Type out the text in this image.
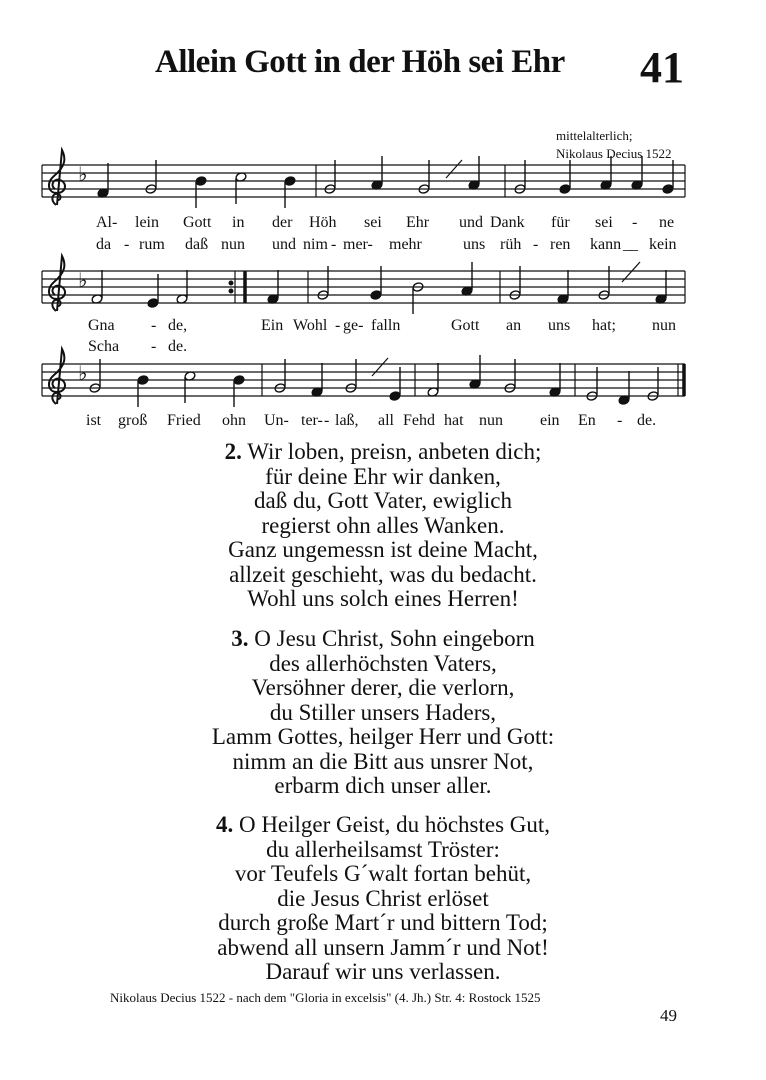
Allein Gott in der Höh sei Ehr 41
mittelalterlich;
Nikolaus Decius 1522
♭
♭
♭
Al- lein Gott in der Höh sei Ehr und Dank für sei - ne
da - rum daß nun und nim - mer- mehr	uns rüh - ren kann __ kein
Gna - de,	Ein Wohl - ge- falln	Gott an uns hat; nun
Scha - de.
ist groß Fried ohn Un- ter- - laß, all Fehd hat nun ein En - de.
2. Wir loben, preisn, anbeten dich;
für deine Ehr wir danken,
daß du, Gott Vater, ewiglich
regierst ohn alles Wanken.
Ganz ungemessn ist deine Macht,
allzeit geschieht, was du bedacht.
Wohl uns solch eines Herren!
3. O Jesu Christ, Sohn eingeborn
des allerhöchsten Vaters,
Versöhner derer, die verlorn,
du Stiller unsers Haders,
Lamm Gottes, heilger Herr und Gott:
nimm an die Bitt aus unsrer Not,
erbarm dich unser aller.
4. O Heilger Geist, du höchstes Gut,
du allerheilsamst Tröster:
vor Teufels G´walt fortan behüt,
die Jesus Christ erlöset
durch große Mart´r und bittern Tod;
abwend all unsern Jamm´r und Not!
Darauf wir uns verlassen.
Nikolaus Decius 1522 - nach dem "Gloria in excelsis" (4. Jh.) Str. 4: Rostock 1525
49
